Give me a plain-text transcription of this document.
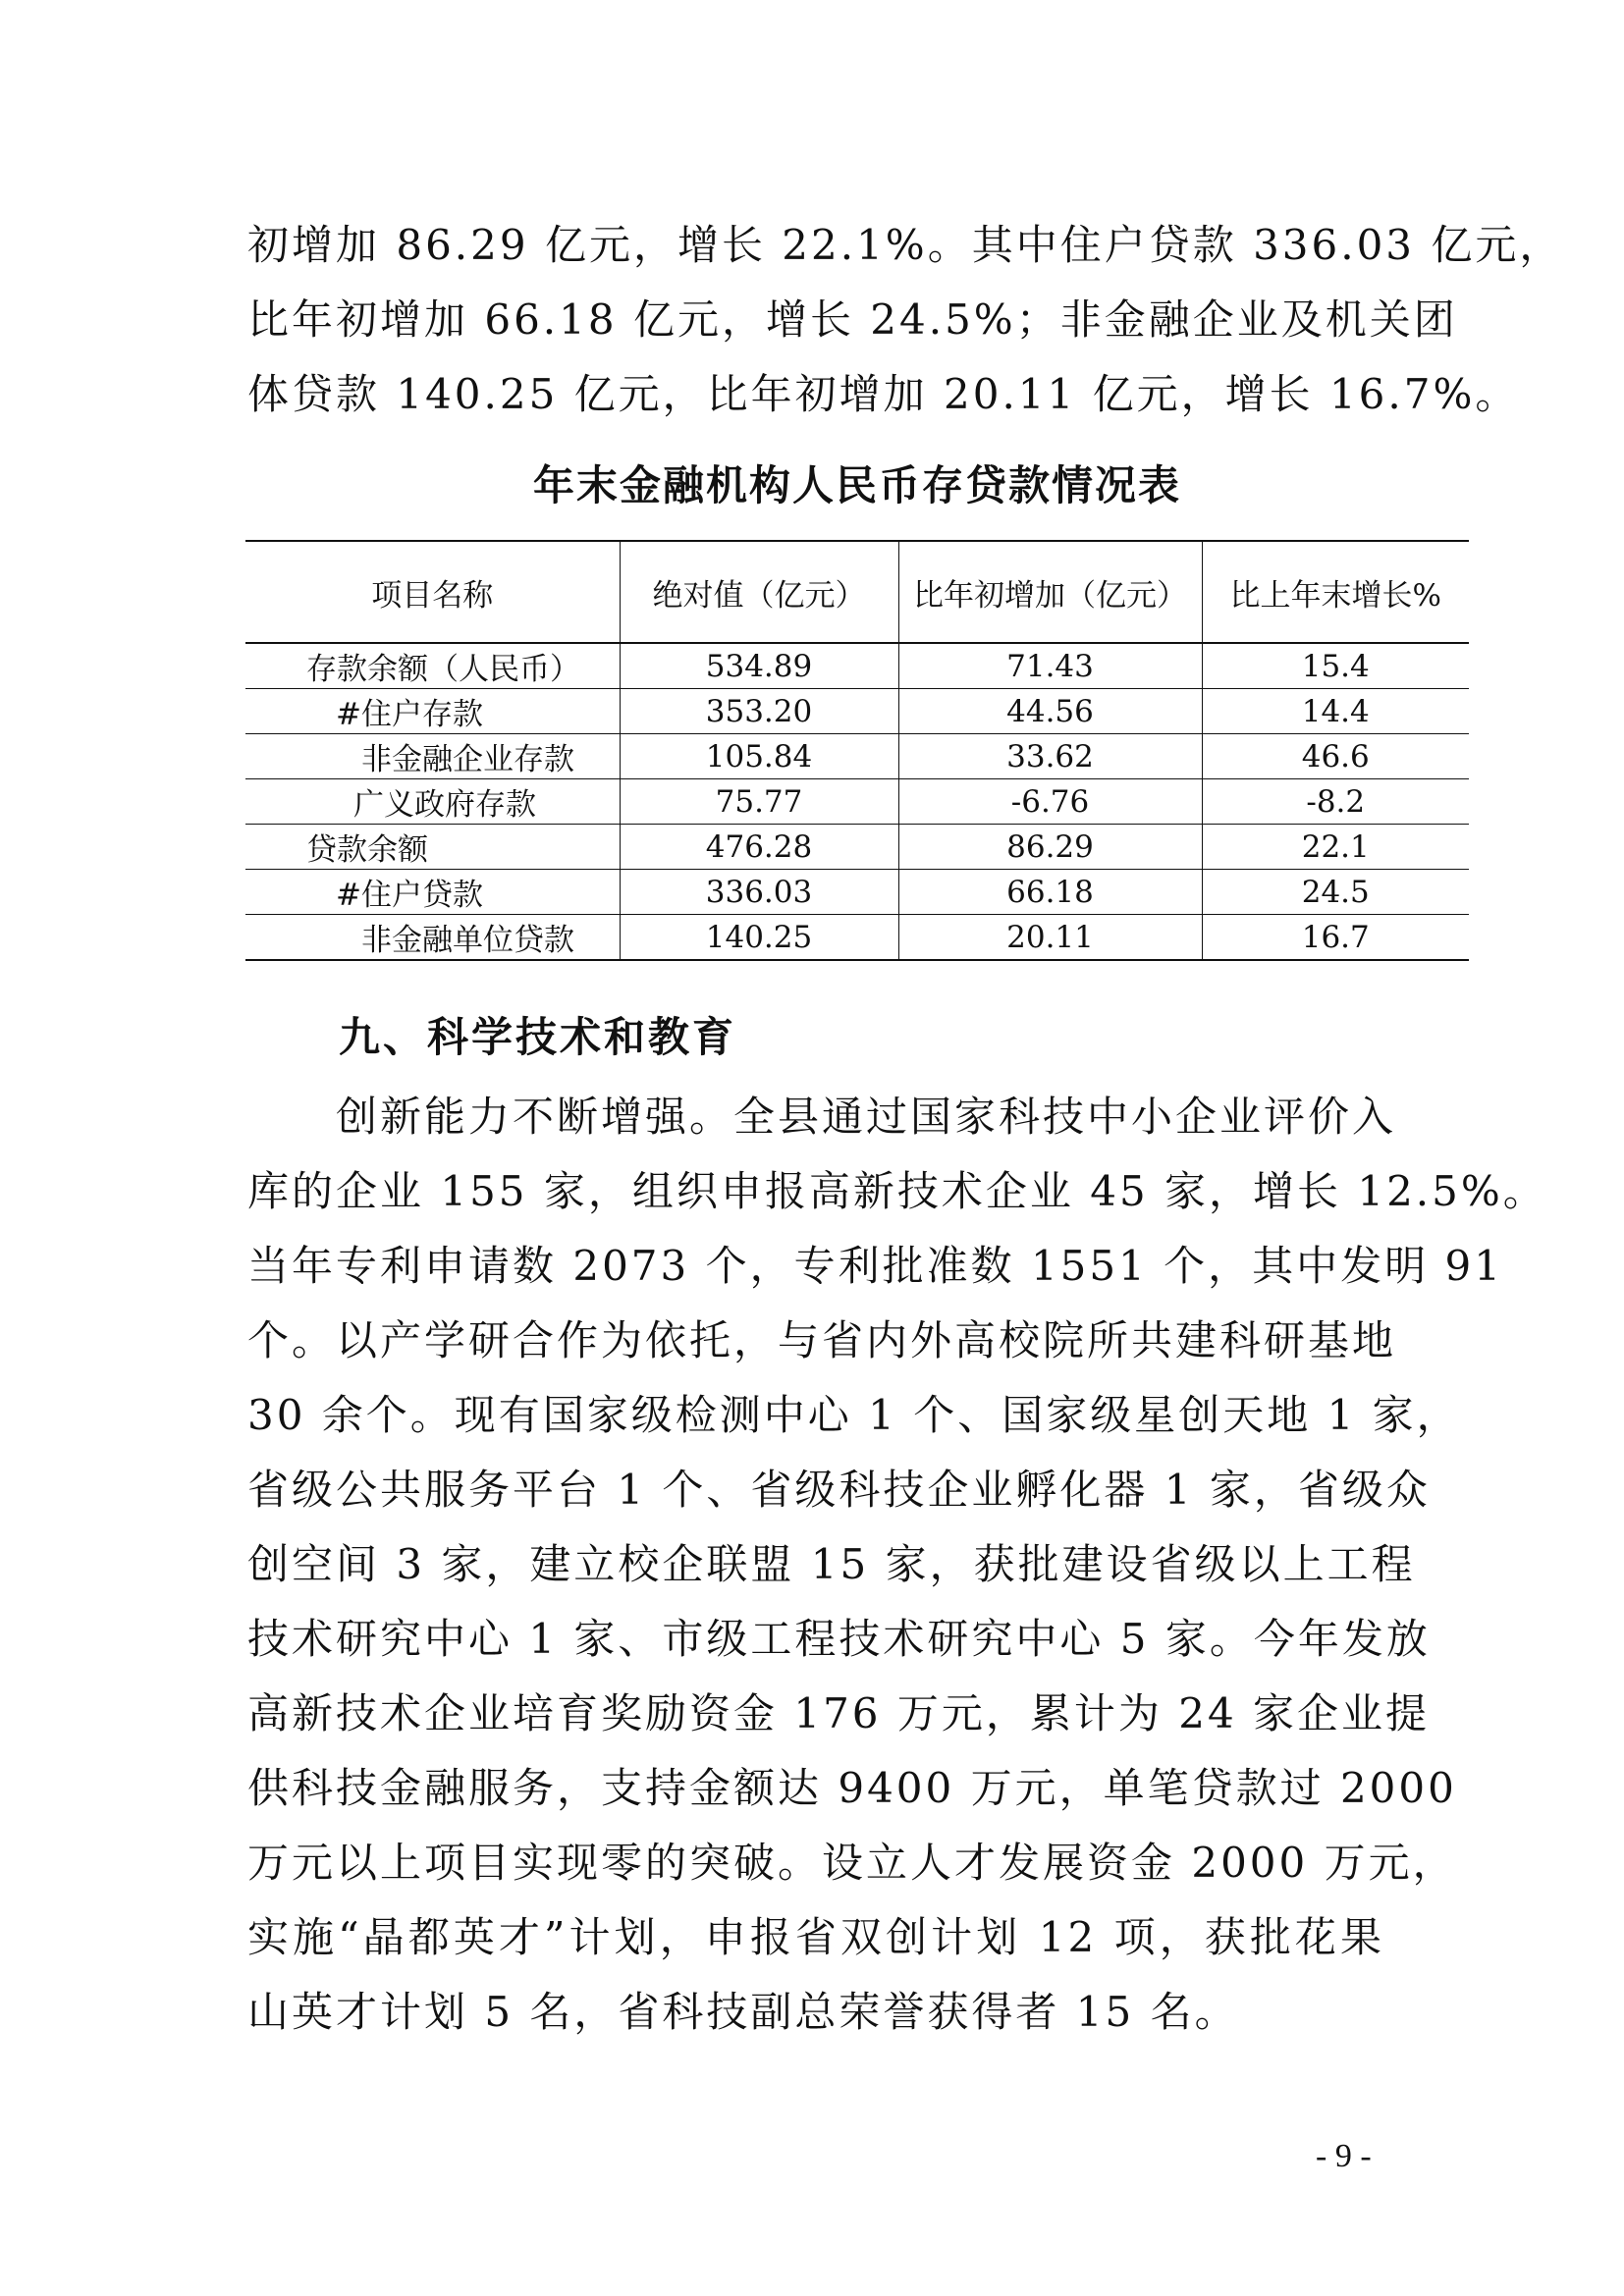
初增加 86.29 亿元，增长 22.1%。其中住户贷款 336.03 亿元，
比年初增加 66.18 亿元，增长 24.5%；非金融企业及机关团
体贷款 140.25 亿元，比年初增加 20.11 亿元，增长 16.7%。
年末金融机构人民币存贷款情况表
项目名称	绝对值（亿元）	比年初增加（亿元）	比上年末增长%
存款余额（人民币）	534.89	71.43	15.4
#住户存款	353.20	44.56	14.4
非金融企业存款	105.84	33.62	46.6
广义政府存款	75.77	-6.76	-8.2
贷款余额	476.28	86.29	22.1
#住户贷款	336.03	66.18	24.5
非金融单位贷款	140.25	20.11	16.7
九、科学技术和教育
　　创新能力不断增强。全县通过国家科技中小企业评价入
库的企业 155 家，组织申报高新技术企业 45 家，增长 12.5%。
当年专利申请数 2073 个，专利批准数 1551 个，其中发明 91
个。以产学研合作为依托，与省内外高校院所共建科研基地
30 余个。现有国家级检测中心 1 个、国家级星创天地 1 家，
省级公共服务平台 1 个、省级科技企业孵化器 1 家，省级众
创空间 3 家，建立校企联盟 15 家，获批建设省级以上工程
技术研究中心 1 家、市级工程技术研究中心 5 家。今年发放
高新技术企业培育奖励资金 176 万元，累计为 24 家企业提
供科技金融服务，支持金额达 9400 万元，单笔贷款过 2000
万元以上项目实现零的突破。设立人才发展资金 2000 万元，
实施“晶都英才”计划，申报省双创计划 12 项，获批花果
山英才计划 5 名，省科技副总荣誉获得者 15 名。
- 9 -
